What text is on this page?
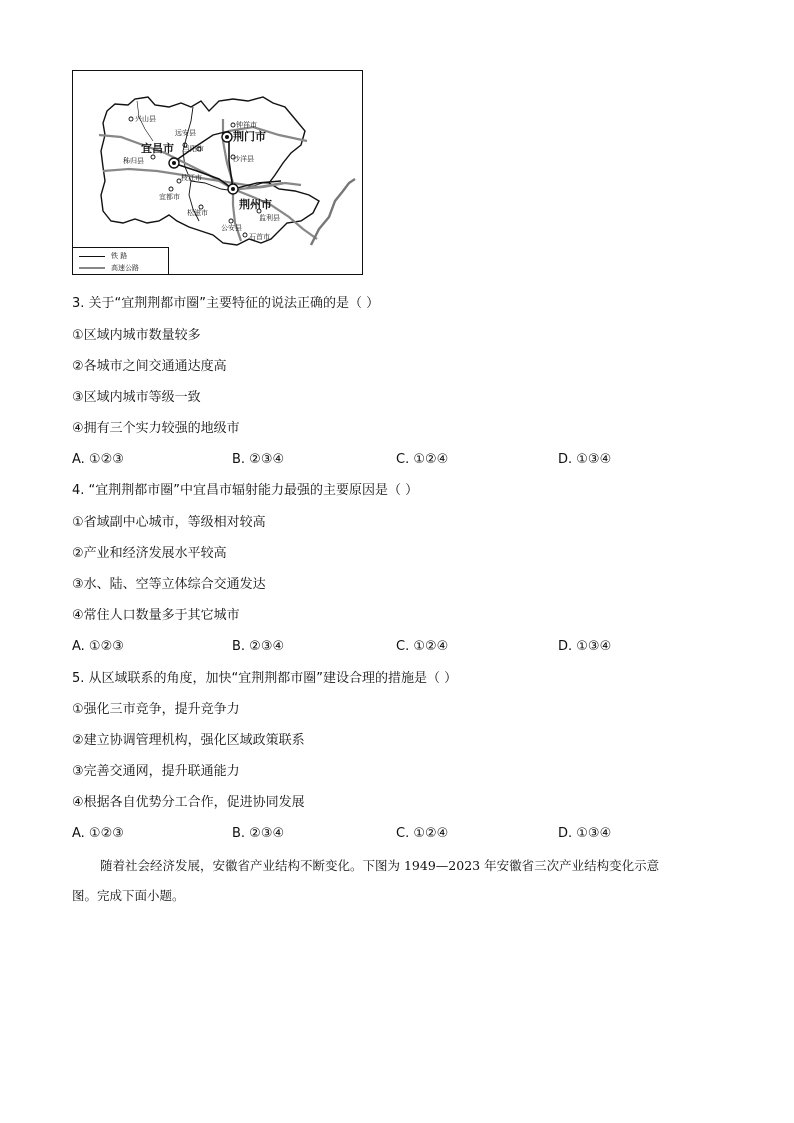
兴山县
远安县
钟祥市
荆门市
宜昌市 当阳市
沙洋县
秭归县
枝江市
宜都市
荆州市
松滋市
监利县
公安县
石首市
铁 路
高速公路
3. 关于“宜荆荆都市圈”主要特征的说法正确的是（ ）
①区域内城市数量较多
②各城市之间交通通达度高
③区域内城市等级一致
④拥有三个实力较强的地级市
A. ①②③	B. ②③④	C. ①②④	D. ①③④
4. “宜荆荆都市圈”中宜昌市辐射能力最强的主要原因是（ ）
①省域副中心城市，等级相对较高
②产业和经济发展水平较高
③水、陆、空等立体综合交通发达
④常住人口数量多于其它城市
A. ①②③	B. ②③④	C. ①②④	D. ①③④
5. 从区域联系的角度，加快“宜荆荆都市圈”建设合理的措施是（ ）
①强化三市竞争，提升竞争力
②建立协调管理机构，强化区域政策联系
③完善交通网，提升联通能力
④根据各自优势分工合作，促进协同发展
A. ①②③	B. ②③④	C. ①②④	D. ①③④
随着社会经济发展，安徽省产业结构不断变化。下图为 1949—2023 年安徽省三次产业结构变化示意
图。完成下面小题。
